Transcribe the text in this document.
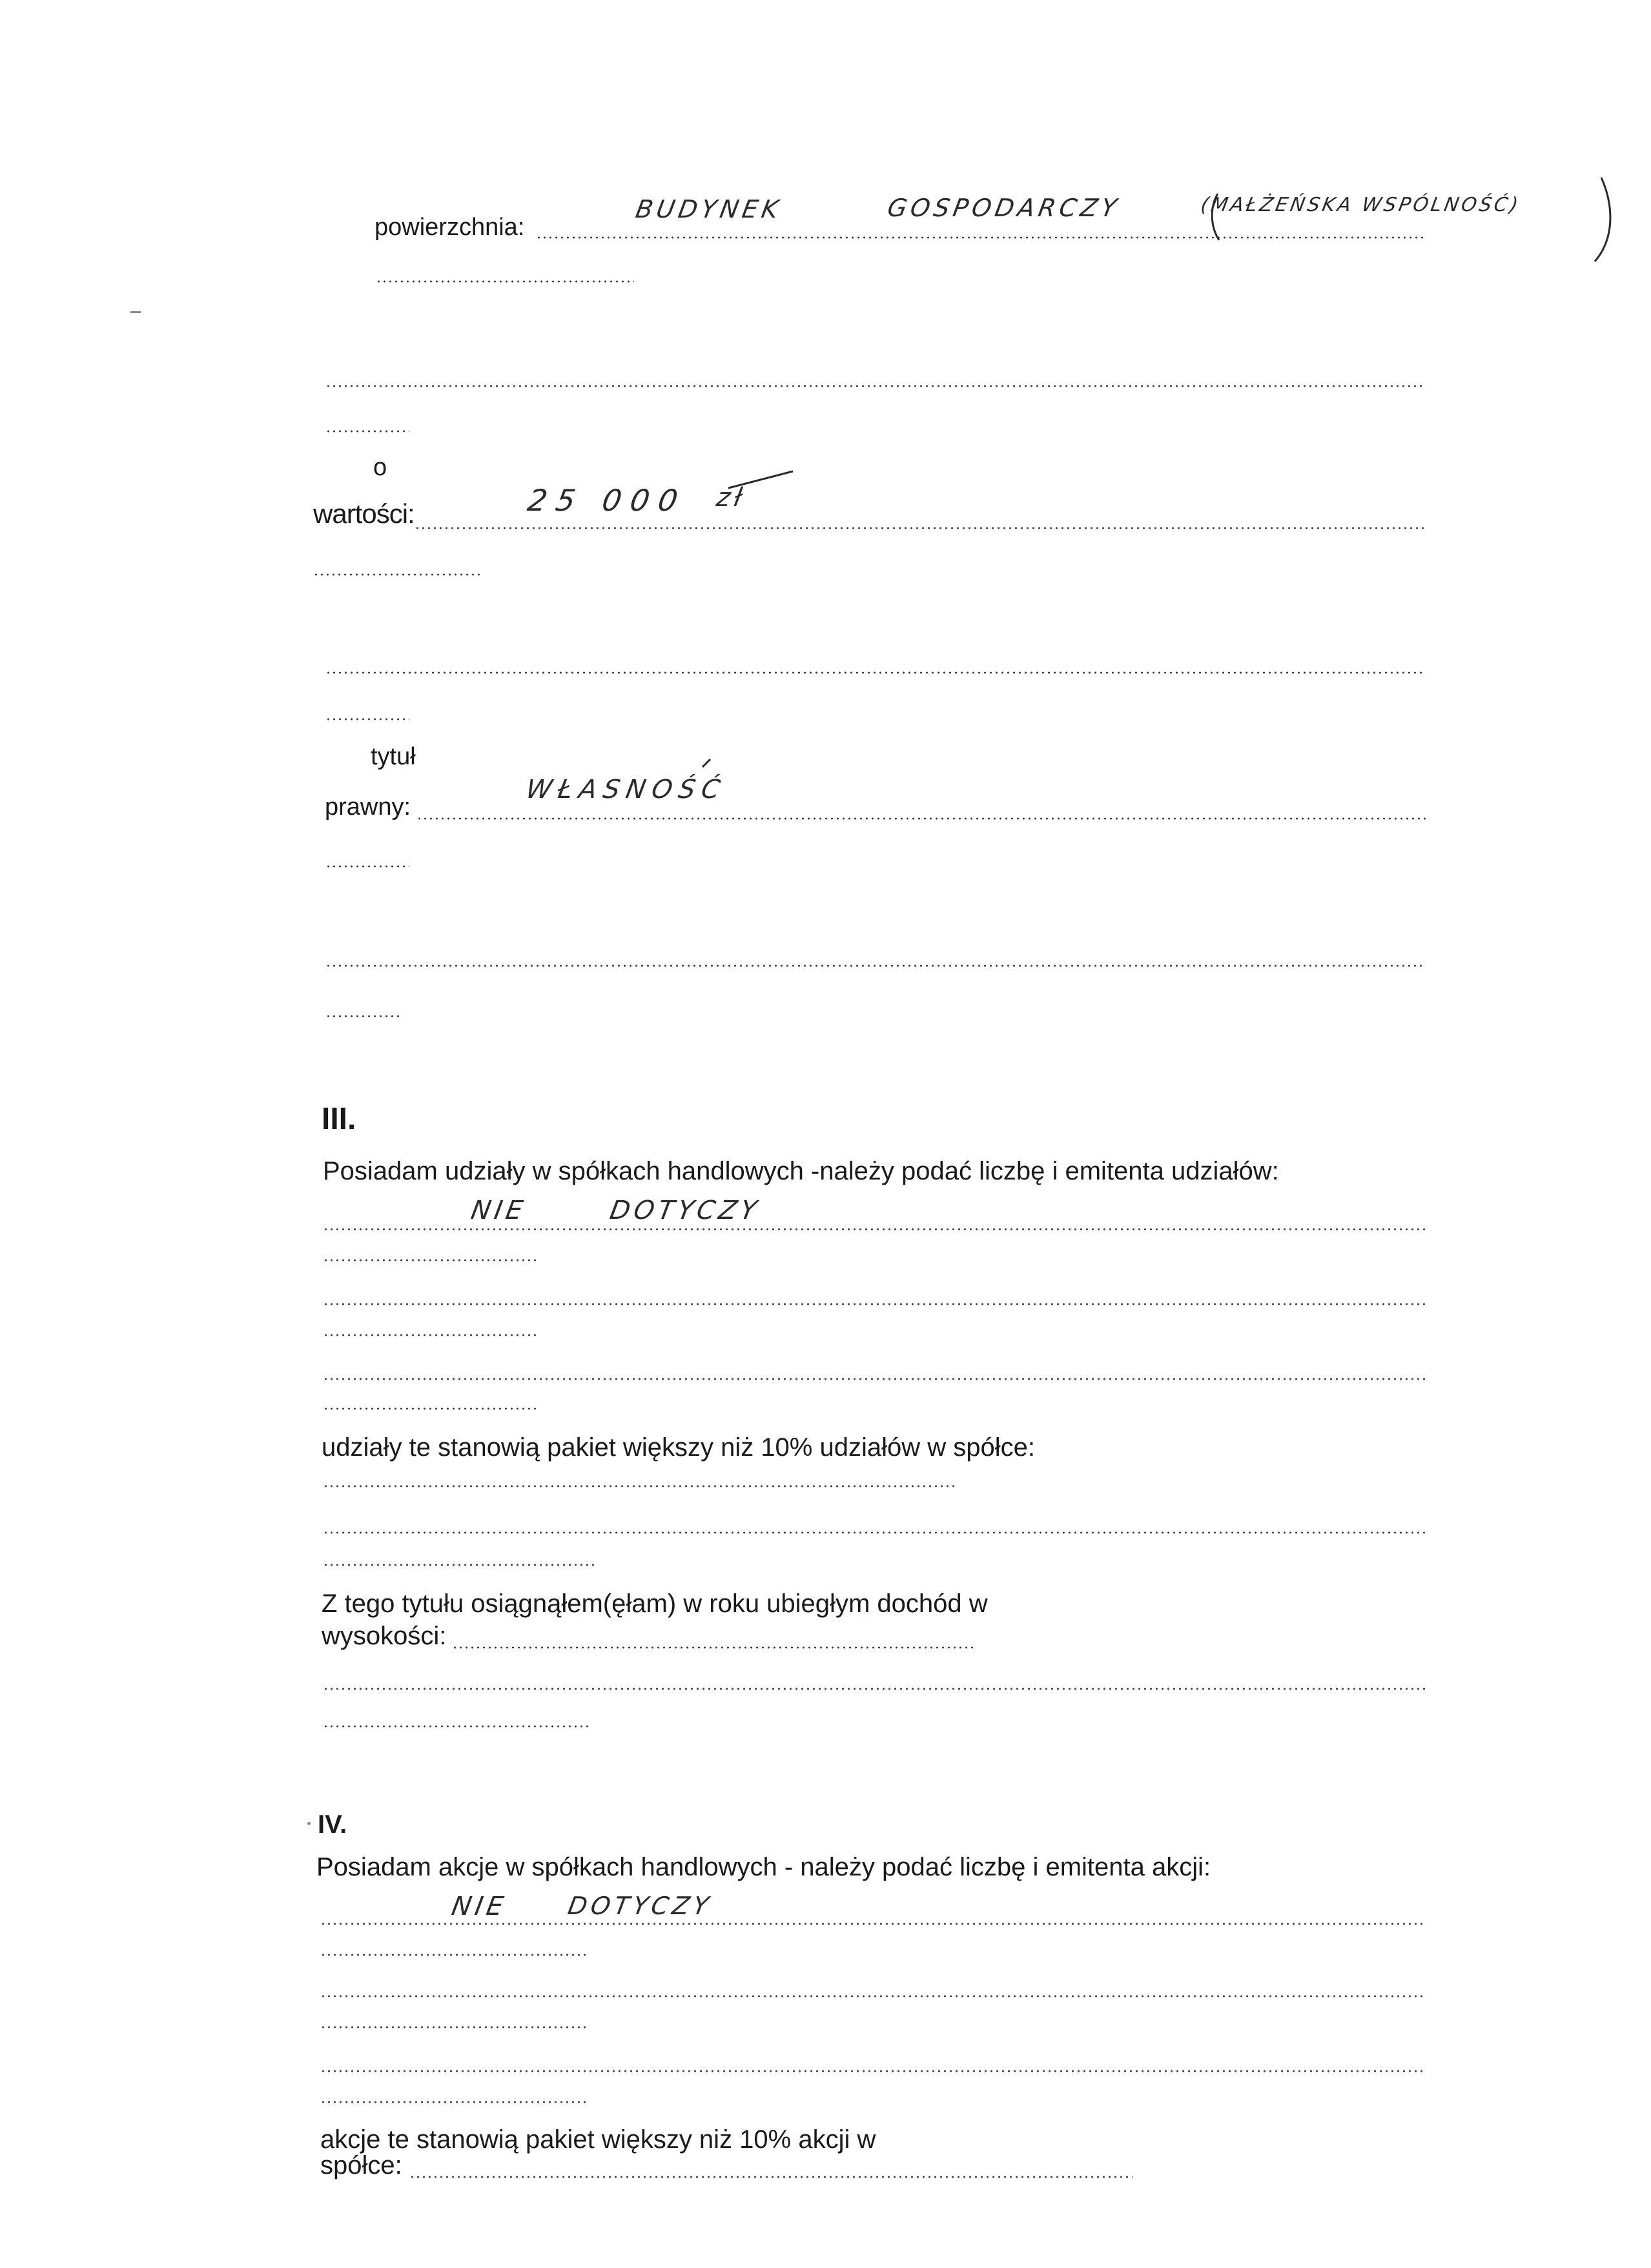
powierzchnia:
BUDYNEK	GOSPODARCZY	(MAŁŻEŃSKA WSPÓLNOŚĆ)
o
wartości:	25 000 zł
tytuł
prawny:
WŁASNOŚĆ
III.
Posiadam udziały w spółkach handlowych -należy podać liczbę i emitenta udziałów:
NIE	DOTYCZY
udziały te stanowią pakiet większy niż 10% udziałów w spółce:
Z tego tytułu osiągnąłem(ęłam) w roku ubiegłym dochód w
wysokości:
IV.
Posiadam akcje w spółkach handlowych - należy podać liczbę i emitenta akcji:
NIE DOTYCZY
akcje te stanowią pakiet większy niż 10% akcji w
spółce:
